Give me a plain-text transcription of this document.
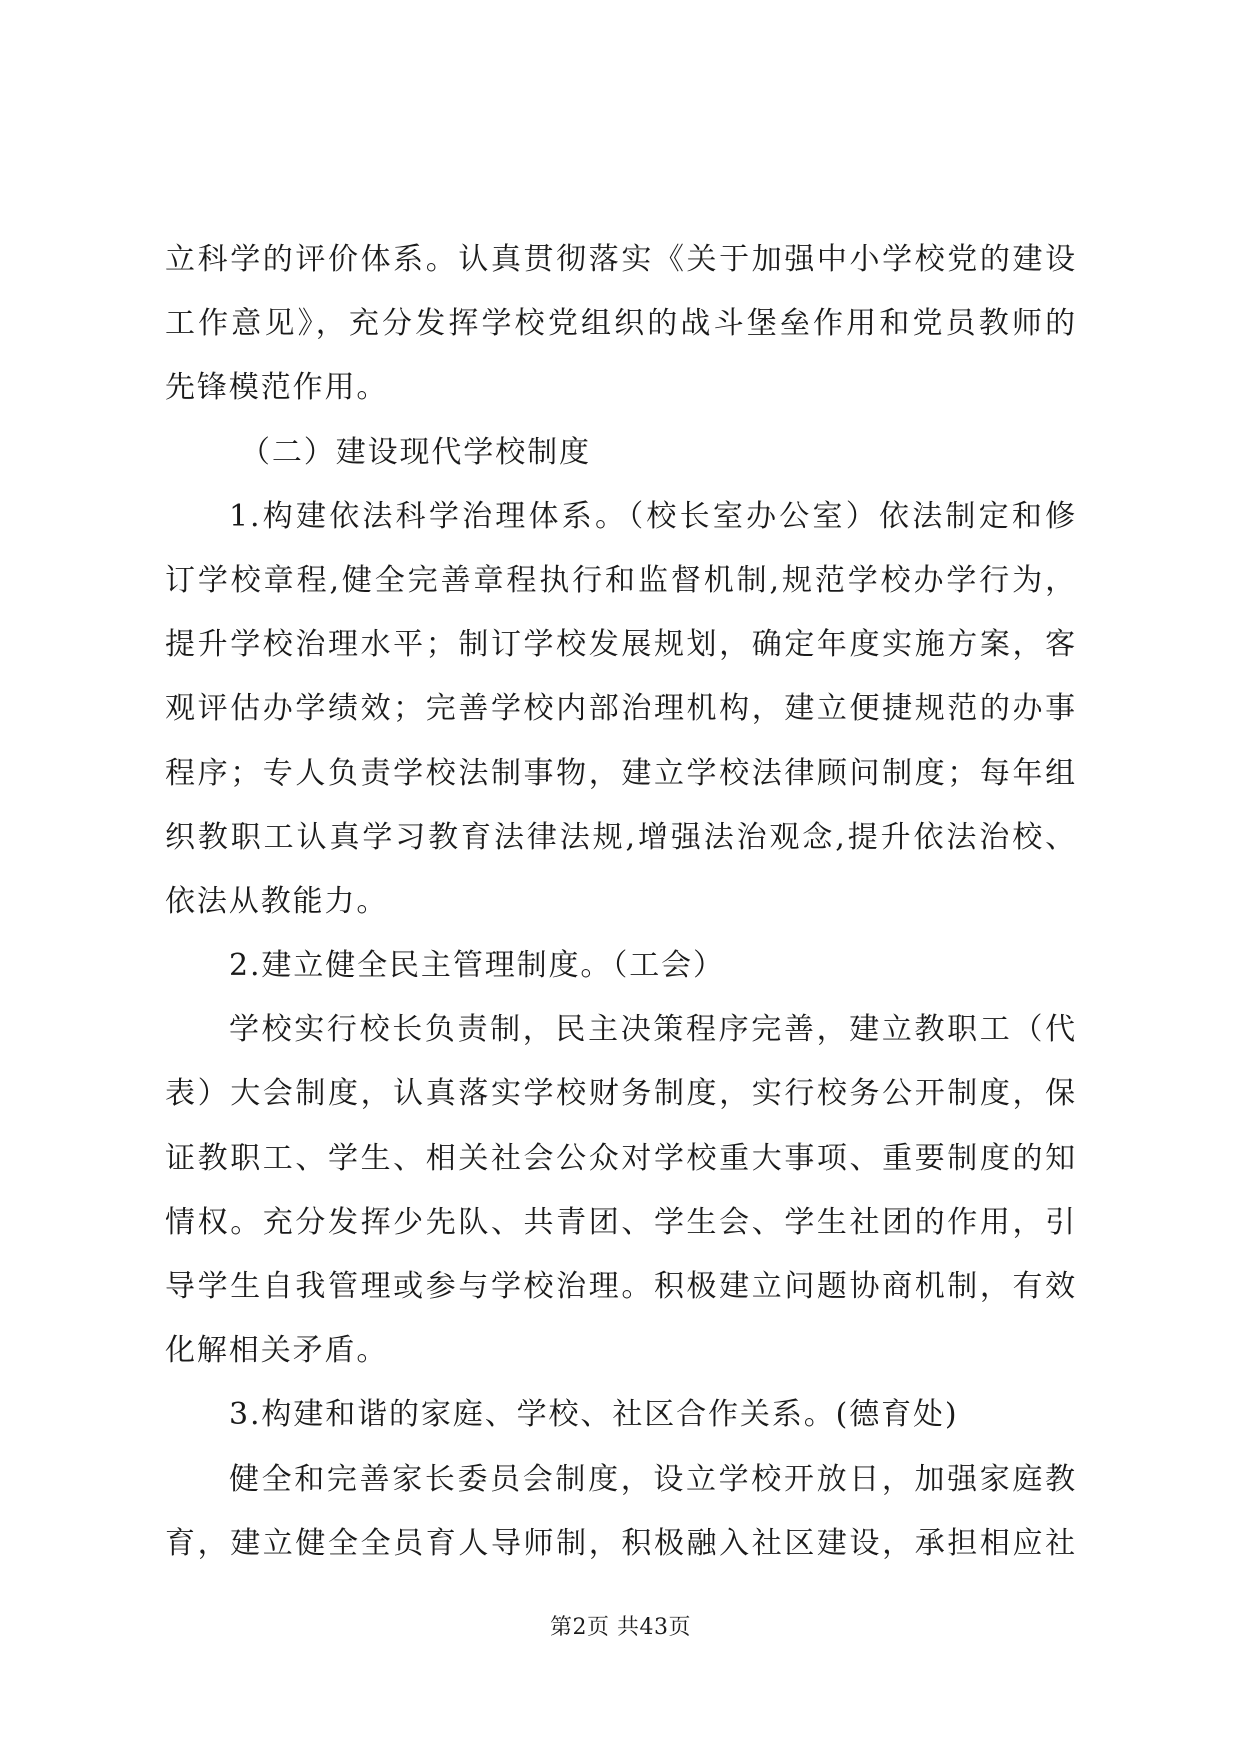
立科学的评价体系。认真贯彻落实《关于加强中小学校党的建设
工作意见》，充分发挥学校党组织的战斗堡垒作用和党员教师的
先锋模范作用。
（二）建设现代学校制度
1.构建依法科学治理体系。（校长室办公室）依法制定和修
订学校章程,健全完善章程执行和监督机制,规范学校办学行为，
提升学校治理水平；制订学校发展规划，确定年度实施方案，客
观评估办学绩效；完善学校内部治理机构，建立便捷规范的办事
程序；专人负责学校法制事物，建立学校法律顾问制度；每年组
织教职工认真学习教育法律法规,增强法治观念,提升依法治校、
依法从教能力。
2.建立健全民主管理制度。（工会）
学校实行校长负责制，民主决策程序完善，建立教职工（代
表）大会制度，认真落实学校财务制度，实行校务公开制度，保
证教职工、学生、相关社会公众对学校重大事项、重要制度的知
情权。充分发挥少先队、共青团、学生会、学生社团的作用，引
导学生自我管理或参与学校治理。积极建立问题协商机制，有效
化解相关矛盾。
3.构建和谐的家庭、学校、社区合作关系。(德育处)
健全和完善家长委员会制度，设立学校开放日，加强家庭教
育，建立健全全员育人导师制，积极融入社区建设，承担相应社
第2页 共43页
